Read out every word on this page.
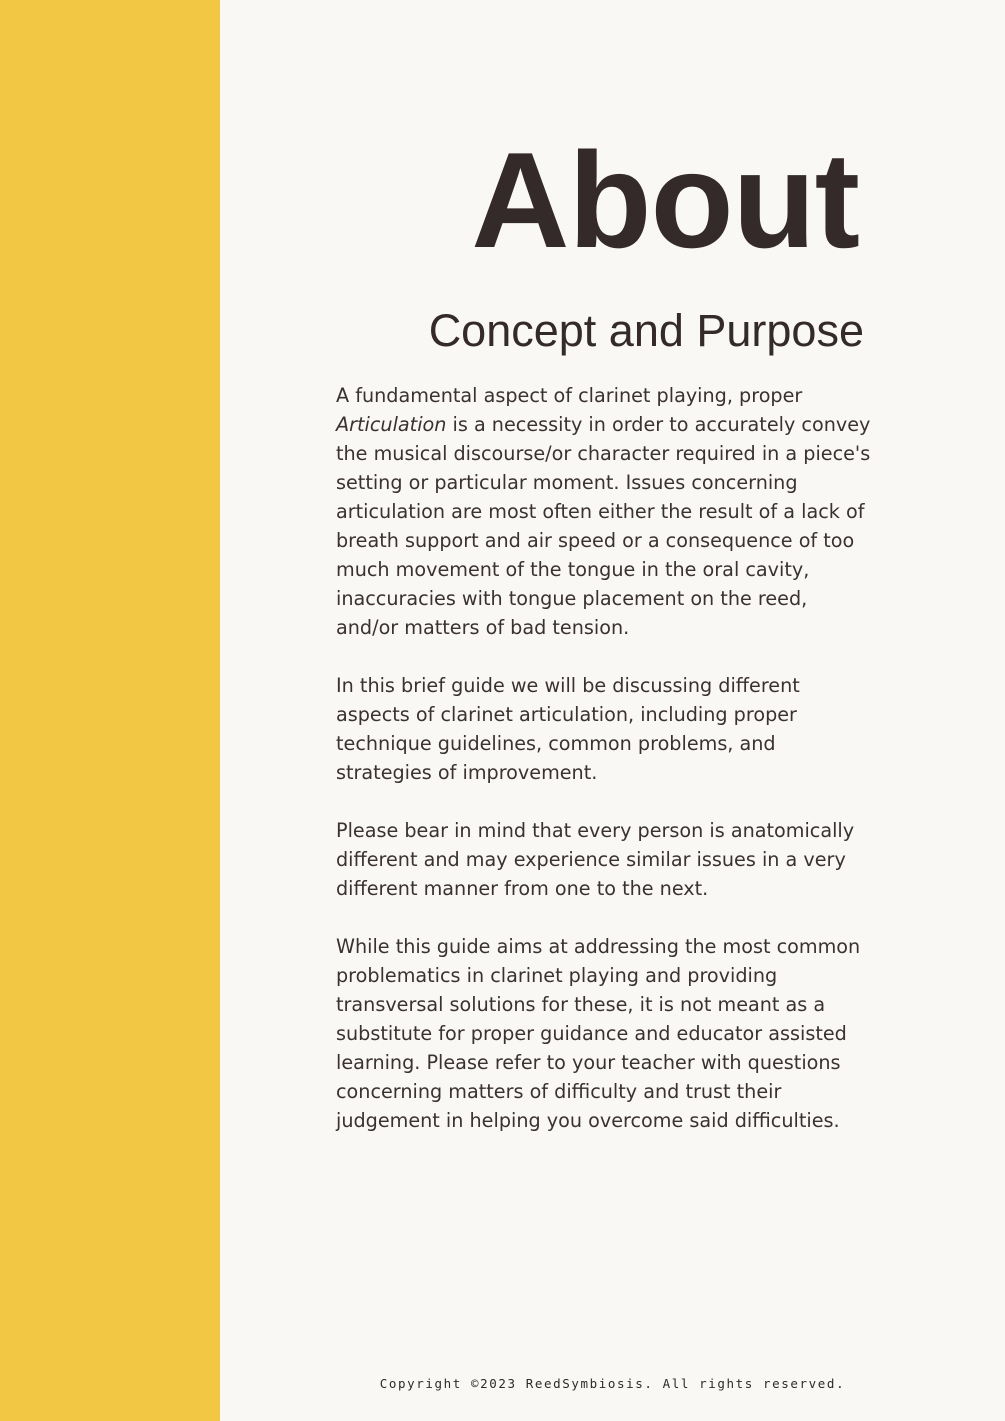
About
Concept and Purpose

A fundamental aspect of clarinet playing, proper Articulation is a necessity in order to accurately convey the musical discourse/or character required in a piece's setting or particular moment. Issues concerning articulation are most often either the result of a lack of breath support and air speed or a consequence of too much movement of the tongue in the oral cavity, inaccuracies with tongue placement on the reed, and/or matters of bad tension.

In this brief guide we will be discussing different aspects of clarinet articulation, including proper technique guidelines, common problems, and strategies of improvement.

Please bear in mind that every person is anatomically different and may experience similar issues in a very different manner from one to the next.

While this guide aims at addressing the most common problematics in clarinet playing and providing transversal solutions for these, it is not meant as a substitute for proper guidance and educator assisted learning. Please refer to your teacher with questions concerning matters of difficulty and trust their judgement in helping you overcome said difficulties.

Copyright ©2023 ReedSymbiosis. All rights reserved.
